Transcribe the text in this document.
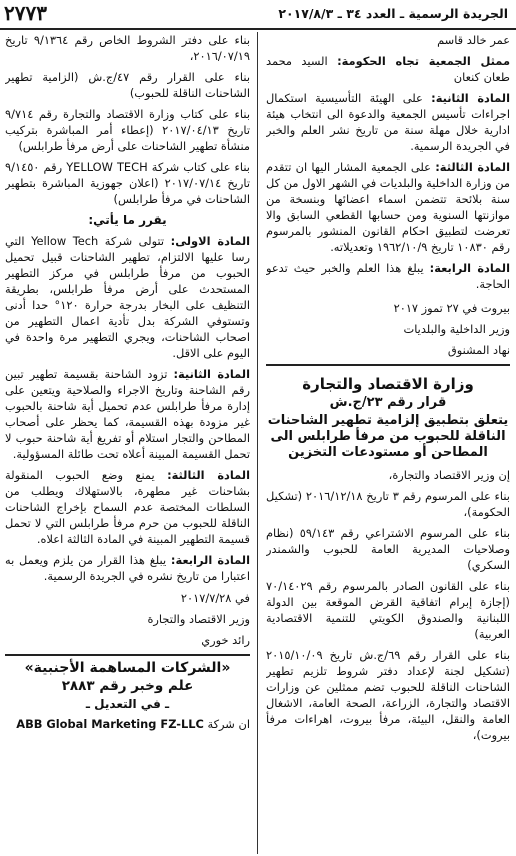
الجريدة الرسمية ـ العدد ٣٤ ـ ٢٠١٧/٨/٣
٢٧٧٣

عمر خالد قاسم

ممثل الجمعية تجاه الحكومة: السيد محمد طعان كنعان

المادة الثانية: على الهيئة التأسيسية استكمال اجراءات تأسيس الجمعية والدعوة الى انتخاب هيئة ادارية خلال مهلة سنة من تاريخ نشر العلم والخبر في الجريدة الرسمية.

المادة الثالثة: على الجمعية المشار اليها ان تتقدم من وزارة الداخلية والبلديات في الشهر الاول من كل سنة بلائحة تتضمن اسماء اعضائها وبنسخة من موازنتها السنوية ومن حسابها القطعي السابق والا تعرضت لتطبيق احكام القانون المنشور بالمرسوم رقم ١٠٨٣٠ تاريخ ١٩٦٢/١٠/٩ وتعديلاته.

المادة الرابعة: يبلغ هذا العلم والخبر حيث تدعو الحاجة.

بيروت في ٢٧ تموز ٢٠١٧

وزير الداخلية والبلديات

نهاد المشنوق

وزارة الاقتصاد والتجارة
قرار رقم ٢٣/ج.ش
يتعلق بتطبيق إلزامية تطهير الشاحنات الناقلة للحبوب من مرفأ طرابلس الى المطاحن أو مستودعات التخزين

إن وزير الاقتصاد والتجارة،

بناء على المرسوم رقم ٣ تاريخ ٢٠١٦/١٢/١٨ (تشكيل الحكومة)،

بناء على المرسوم الاشتراعي رقم ٥٩/١٤٣ (نظام وصلاحيات المديرية العامة للحبوب والشمندر السكري)

بناء على القانون الصادر بالمرسوم رقم ٧٠/١٤٠٢٩ (إجازة إبرام اتفاقية القرض الموقعة بين الدولة اللبنانية والصندوق الكويتي للتنمية الاقتصادية العربية)

بناء على القرار رقم ٦٩/ج.ش تاريخ ٢٠١٥/١٠/٠٩ (تشكيل لجنة لإعداد دفتر شروط تلزيم تطهير الشاحنات الناقلة للحبوب تضم ممثلين عن وزارات الاقتصاد والتجارة، الزراعة، الصحة العامة، الاشغال العامة والنقل، البيئة، مرفأ بيروت، اهراءات مرفأ بيروت)،

بناء على دفتر الشروط الخاص رقم ٩/١٣٦٤ تاريخ ٢٠١٦/٠٧/١٩،

بناء على القرار رقم ٤٧/ج.ش (الزامية تطهير الشاحنات الناقلة للحبوب)

بناء على كتاب وزارة الاقتصاد والتجارة رقم ٩/٧١٤ تاريخ ٢٠١٧/٠٤/١٣ (إعطاء أمر المباشرة بتركيب منشأة تطهير الشاحنات على أرض مرفأ طرابلس)

بناء على كتاب شركة YELLOW TECH رقم ٩/١٤٥٠ تاريخ ٢٠١٧/٠٧/١٤ (اعلان جهوزية المباشرة بتطهير الشاحنات في مرفأ طرابلس)

يقرر ما يأتي:

المادة الاولى: تتولى شركة Yellow Tech التي رسا عليها الالتزام، تطهير الشاحنات قبيل تحميل الحبوب من مرفأ طرابلس في مركز التطهير المستحدث على أرض مرفأ طرابلس، بطريقة التنظيف على البخار بدرجة حرارة ١٢٠° حدا أدنى وتستوفي الشركة بدل تأدية اعمال التطهير من اصحاب الشاحنات، ويجري التطهير مرة واحدة في اليوم على الاقل.

المادة الثانية: تزود الشاحنة بقسيمة تطهير تبين رقم الشاحنة وتاريخ الاجراء والصلاحية ويتعين على إدارة مرفأ طرابلس عدم تحميل أية شاحنة بالحبوب غير مزودة بهذه القسيمة، كما يحظر على أصحاب المطاحن والتجار استلام أو تفريغ أية شاحنة حبوب لا تحمل القسيمة المبينة أعلاه تحت طائلة المسؤولية.

المادة الثالثة: يمنع وضع الحبوب المنقولة بشاحنات غير مطهرة، بالاستهلاك ويطلب من السلطات المختصة عدم السماح بإخراج الشاحنات الناقلة للحبوب من حرم مرفأ طرابلس التي لا تحمل قسيمة التطهير المبينة في المادة الثالثة اعلاه.

المادة الرابعة: يبلغ هذا القرار من يلزم ويعمل به اعتبارا من تاريخ نشره في الجريدة الرسمية.

في ٢٠١٧/٧/٢٨

وزير الاقتصاد والتجارة

رائد خوري

«الشركات المساهمة الأجنبية»
علم وخبر رقم ٢٨٨٣
ـ في التعديل ـ

ان شركة ABB Global Marketing FZ-LLC
